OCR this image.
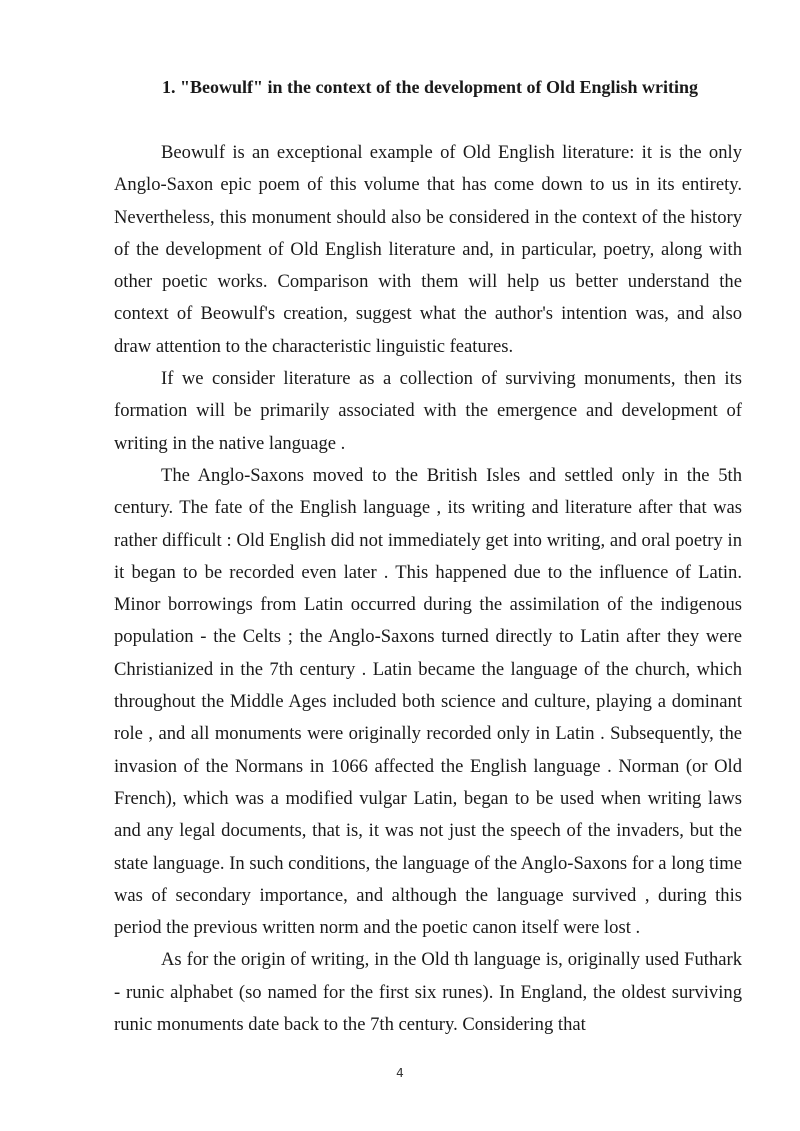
1. "Beowulf" in the context of the development of Old English writing

Beowulf is an exceptional example of Old English literature: it is the only Anglo-Saxon epic poem of this volume that has come down to us in its entirety. Nevertheless, this monument should also be considered in the context of the history of the development of Old English literature and, in particular, poetry, along with other poetic works. Comparison with them will help us better understand the context of Beowulf's creation, suggest what the author's intention was, and also draw attention to the characteristic linguistic features.

If we consider literature as a collection of surviving monuments, then its formation will be primarily associated with the emergence and development of writing in the native language .

The Anglo-Saxons moved to the British Isles and settled only in the 5th century. The fate of the English language , its writing and literature after that was rather difficult : Old English did not immediately get into writing, and oral poetry in it began to be recorded even later . This happened due to the influence of Latin. Minor borrowings from Latin occurred during the assimilation of the indigenous population - the Celts ; the Anglo-Saxons turned directly to Latin after they were Christianized in the 7th century . Latin became the language of the church, which throughout the Middle Ages included both science and culture, playing a dominant role , and all monuments were originally recorded only in Latin . Subsequently, the invasion of the Normans in 1066 affected the English language . Norman (or Old French), which was a modified vulgar Latin, began to be used when writing laws and any legal documents, that is, it was not just the speech of the invaders, but the state language. In such conditions, the language of the Anglo-Saxons for a long time was of secondary importance, and although the language survived , during this period the previous written norm and the poetic canon itself were lost .

As for the origin of writing, in the Old th language is, originally used Futhark - runic alphabet (so named for the first six runes). In England, the oldest surviving runic monuments date back to the 7th century. Considering that

4
